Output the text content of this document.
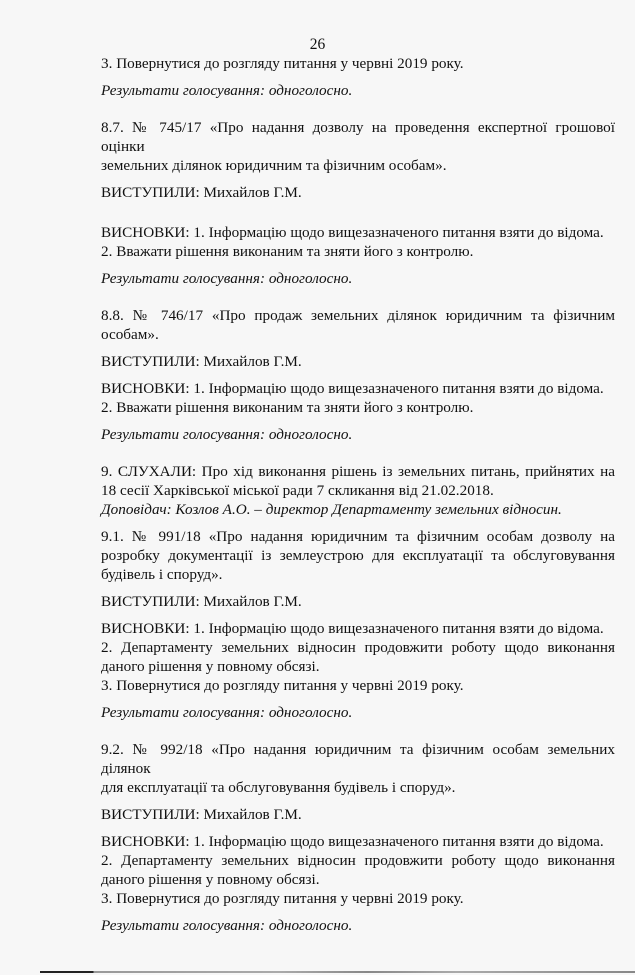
26
3. Повернутися до розгляду питання у червні 2019 року.
Результати голосування: одноголосно.
8.7. № 745/17 «Про надання дозволу на проведення експертної грошової оцінки
земельних ділянок юридичним та фізичним особам».
ВИСТУПИЛИ: Михайлов Г.М.
ВИСНОВКИ: 1. Інформацію щодо вищезазначеного питання взяти до відома.
2. Вважати рішення виконаним та зняти його з контролю.
Результати голосування: одноголосно.
8.8. № 746/17 «Про продаж земельних ділянок юридичним та фізичним
особам».
ВИСТУПИЛИ: Михайлов Г.М.
ВИСНОВКИ: 1. Інформацію щодо вищезазначеного питання взяти до відома.
2. Вважати рішення виконаним та зняти його з контролю.
Результати голосування: одноголосно.
9. СЛУХАЛИ: Про хід виконання рішень із земельних питань, прийнятих на
18 сесії Харківської міської ради 7 скликання від 21.02.2018.
Доповідач: Козлов А.О. – директор Департаменту земельних відносин.
9.1. № 991/18 «Про надання юридичним та фізичним особам дозволу на
розробку документації із землеустрою для експлуатації та обслуговування
будівель і споруд».
ВИСТУПИЛИ: Михайлов Г.М.
ВИСНОВКИ: 1. Інформацію щодо вищезазначеного питання взяти до відома.
2. Департаменту земельних відносин продовжити роботу щодо виконання
даного рішення у повному обсязі.
3. Повернутися до розгляду питання у червні 2019 року.
Результати голосування: одноголосно.
9.2. № 992/18 «Про надання юридичним та фізичним особам земельних ділянок
для експлуатації та обслуговування будівель і споруд».
ВИСТУПИЛИ: Михайлов Г.М.
ВИСНОВКИ: 1. Інформацію щодо вищезазначеного питання взяти до відома.
2. Департаменту земельних відносин продовжити роботу щодо виконання
даного рішення у повному обсязі.
3. Повернутися до розгляду питання у червні 2019 року.
Результати голосування: одноголосно.
